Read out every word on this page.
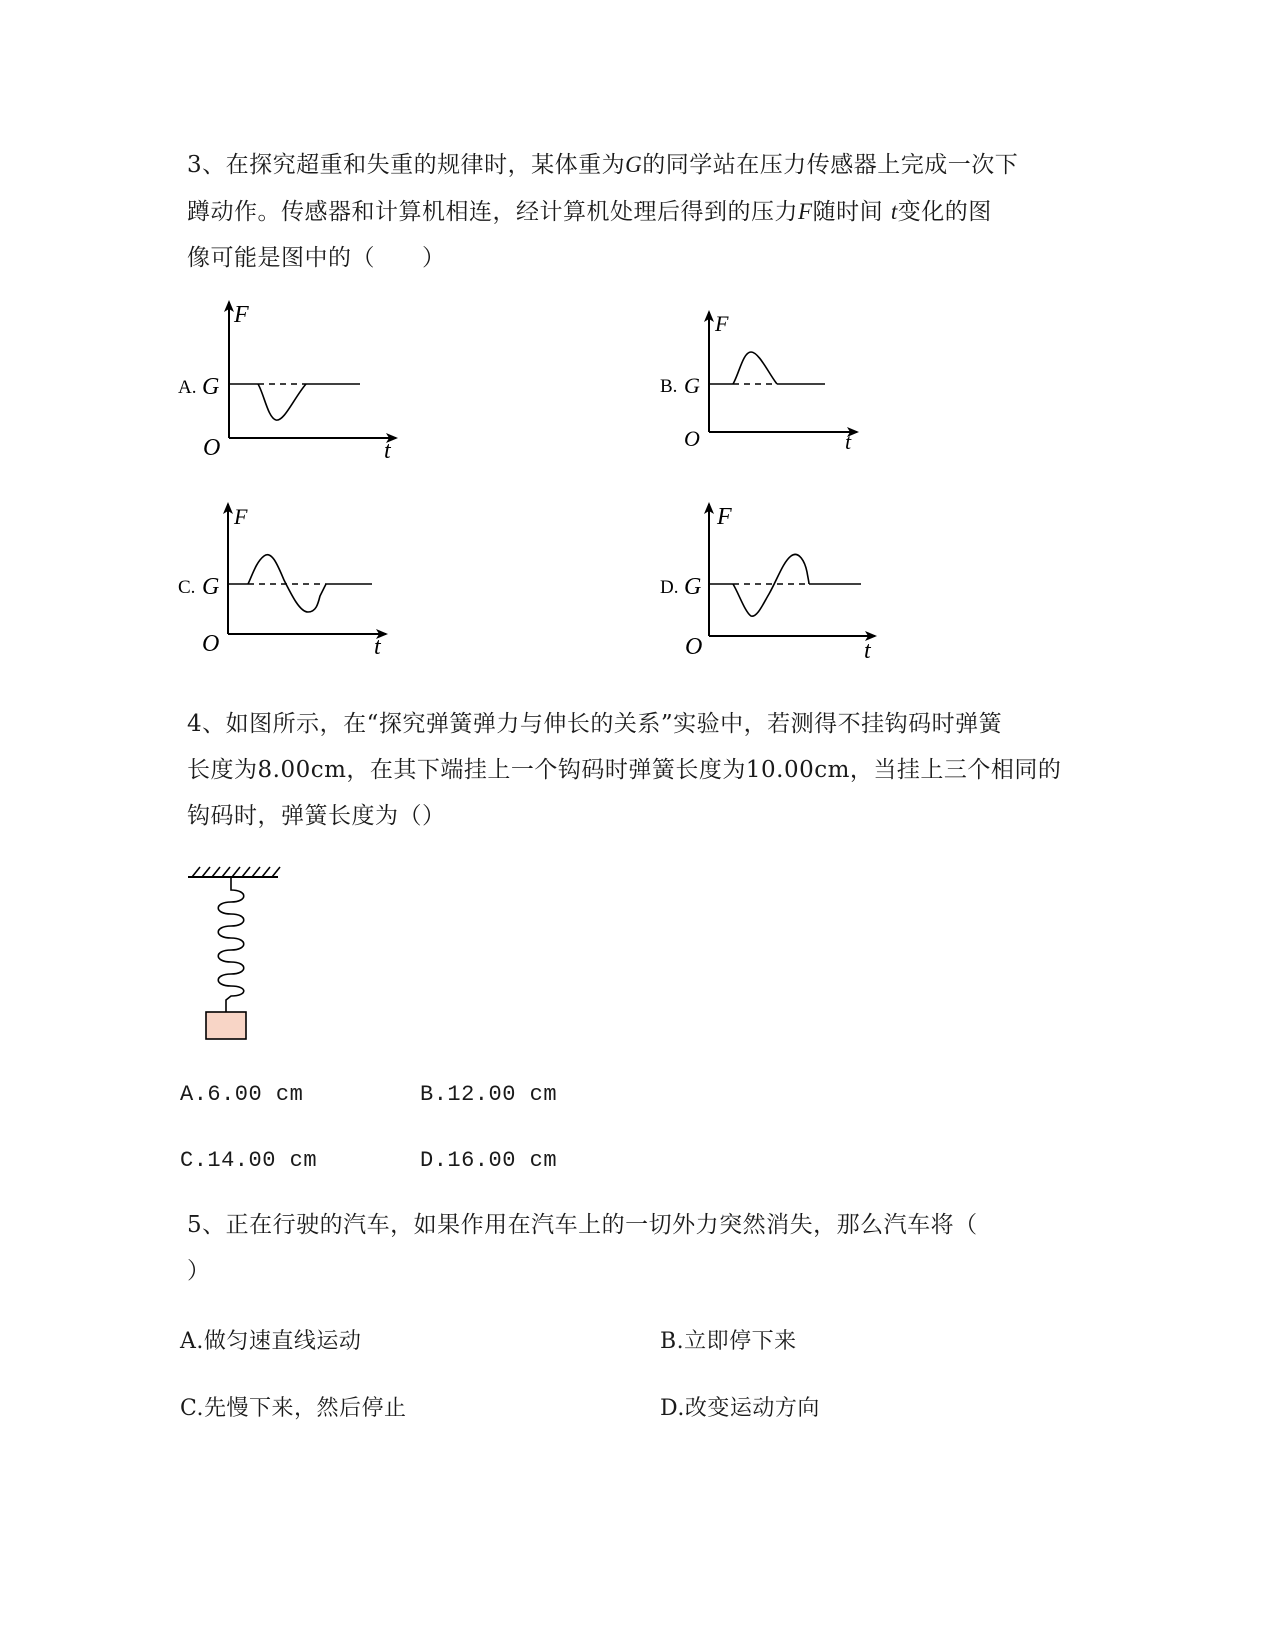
3、在探究超重和失重的规律时，某体重为G的同学站在压力传感器上完成一次下
蹲动作。传感器和计算机相连，经计算机处理后得到的压力F随时间 t变化的图
像可能是图中的（　　）
A. G
F
O	t
B. G
F
O	t
C. G
F
O	t
D. G
F
O	t
4、如图所示，在“探究弹簧弹力与伸长的关系”实验中，若测得不挂钩码时弹簧
长度为8.00cm，在其下端挂上一个钩码时弹簧长度为10.00cm，当挂上三个相同的
钩码时，弹簧长度为（）
A.6.00 cm	B.12.00 cm
C.14.00 cm	D.16.00 cm
5、正在行驶的汽车，如果作用在汽车上的一切外力突然消失，那么汽车将（
）
A.做匀速直线运动	B.立即停下来
C.先慢下来，然后停止	D.改变运动方向
